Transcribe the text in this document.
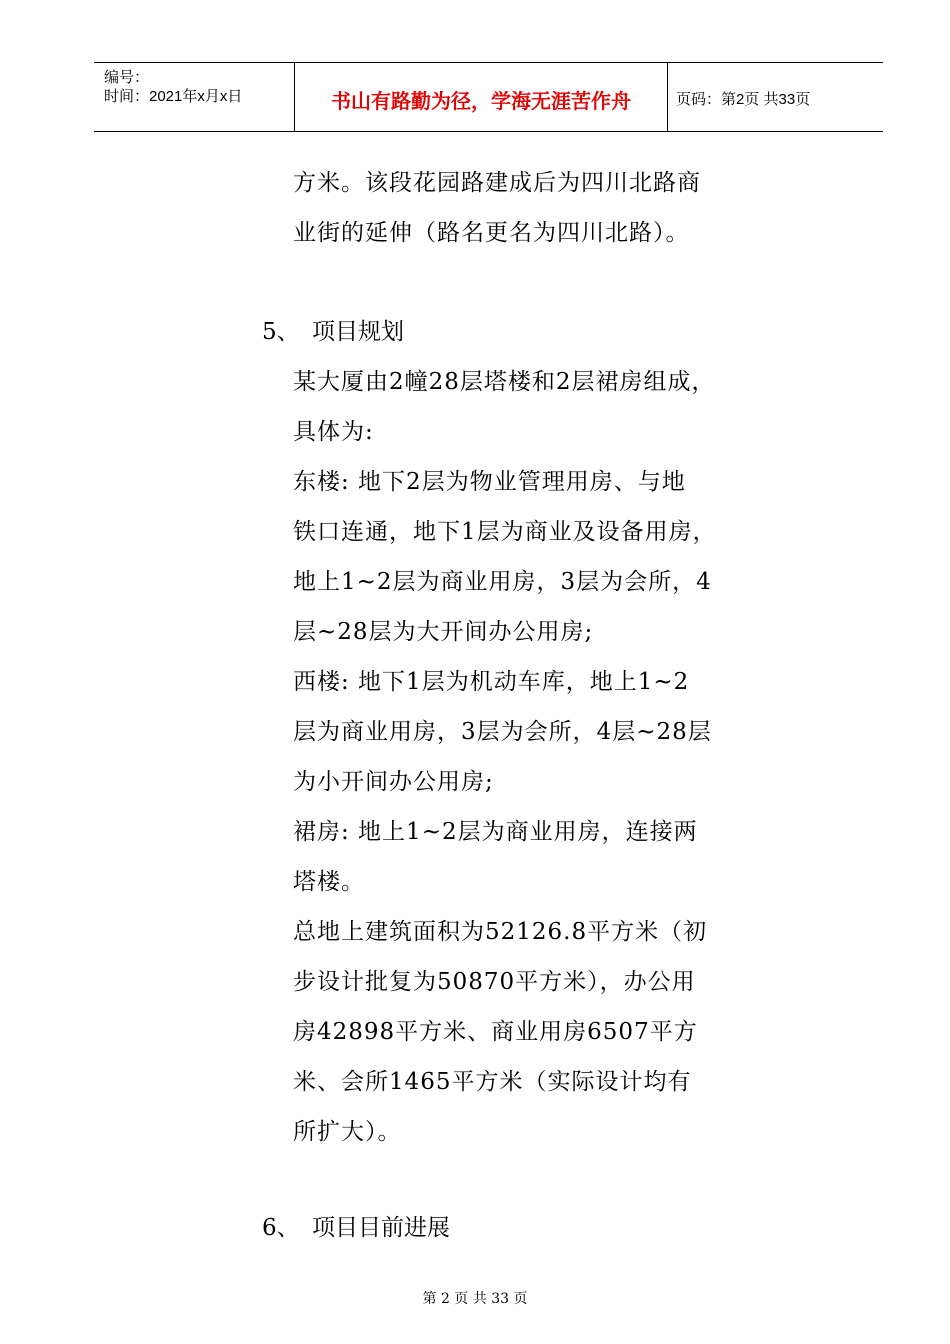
编号：
时间：2021年x月x日	书山有路勤为径，学海无涯苦作舟	页码：第2页 共33页
方米。该段花园路建成后为四川北路商
业街的延伸（路名更名为四川北路）。
5、 项目规划
某大厦由2幢28层塔楼和2层裙房组成，
具体为:
东楼: 地下2层为物业管理用房、与地
铁口连通，地下1层为商业及设备用房，
地上1~2层为商业用房，3层为会所，4
层~28层为大开间办公用房;
西楼: 地下1层为机动车库，地上1~2
层为商业用房，3层为会所，4层~28层
为小开间办公用房;
裙房: 地上1~2层为商业用房，连接两
塔楼。
总地上建筑面积为52126.8平方米（初
步设计批复为50870平方米），办公用
房42898平方米、商业用房6507平方
米、会所1465平方米（实际设计均有
所扩大）。
6、 项目目前进展
第 2 页 共 33 页
